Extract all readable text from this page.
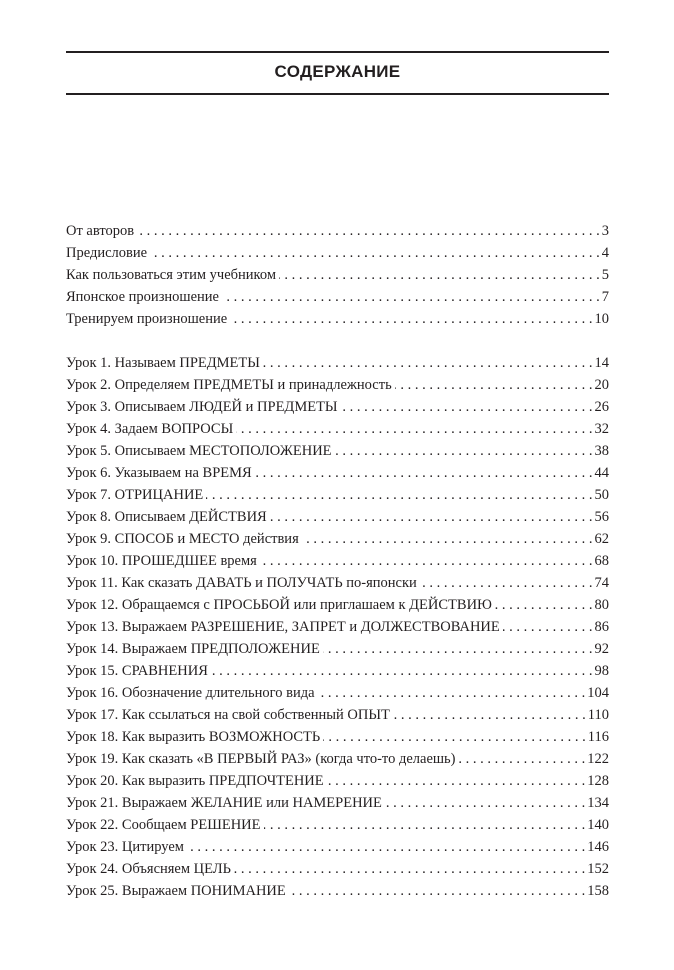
СОДЕРЖАНИЕ
От авторов . . .	3
Предисловие . . .	4
Как пользоваться этим учебником . . .	5
Японское произношение . . .	7
Тренируем произношение . . .	10
Урок 1. Называем ПРЕДМЕТЫ . . .	14
Урок 2. Определяем ПРЕДМЕТЫ и принадлежность . . .	20
Урок 3. Описываем ЛЮДЕЙ и ПРЕДМЕТЫ . . .	26
Урок 4. Задаем ВОПРОСЫ . . .	32
Урок 5. Описываем МЕСТОПОЛОЖЕНИЕ . . .	38
Урок 6. Указываем на ВРЕМЯ . . .	44
Урок 7. ОТРИЦАНИЕ . . .	50
Урок 8. Описываем ДЕЙСТВИЯ . . .	56
Урок 9. СПОСОБ и МЕСТО действия . . .	62
Урок 10. ПРОШЕДШЕЕ время . . .	68
Урок 11. Как сказать ДАВАТЬ и ПОЛУЧАТЬ по-японски . . .	74
Урок 12. Обращаемся с ПРОСЬБОЙ или приглашаем к ДЕЙСТВИЮ . . .	80
Урок 13. Выражаем РАЗРЕШЕНИЕ, ЗАПРЕТ и ДОЛЖЕСТВОВАНИЕ . . .	86
Урок 14. Выражаем ПРЕДПОЛОЖЕНИЕ . . .	92
Урок 15. СРАВНЕНИЯ . . .	98
Урок 16. Обозначение длительного вида . . .	104
Урок 17. Как ссылаться на свой собственный ОПЫТ . . .	110
Урок 18. Как выразить ВОЗМОЖНОСТЬ . . .	116
Урок 19. Как сказать «В ПЕРВЫЙ РАЗ» (когда что-то делаешь) . . .	122
Урок 20. Как выразить ПРЕДПОЧТЕНИЕ . . .	128
Урок 21. Выражаем ЖЕЛАНИЕ или НАМЕРЕНИЕ . . .	134
Урок 22. Сообщаем РЕШЕНИЕ . . .	140
Урок 23. Цитируем . . .	146
Урок 24. Объясняем ЦЕЛЬ . . .	152
Урок 25. Выражаем ПОНИМАНИЕ . . .	158
